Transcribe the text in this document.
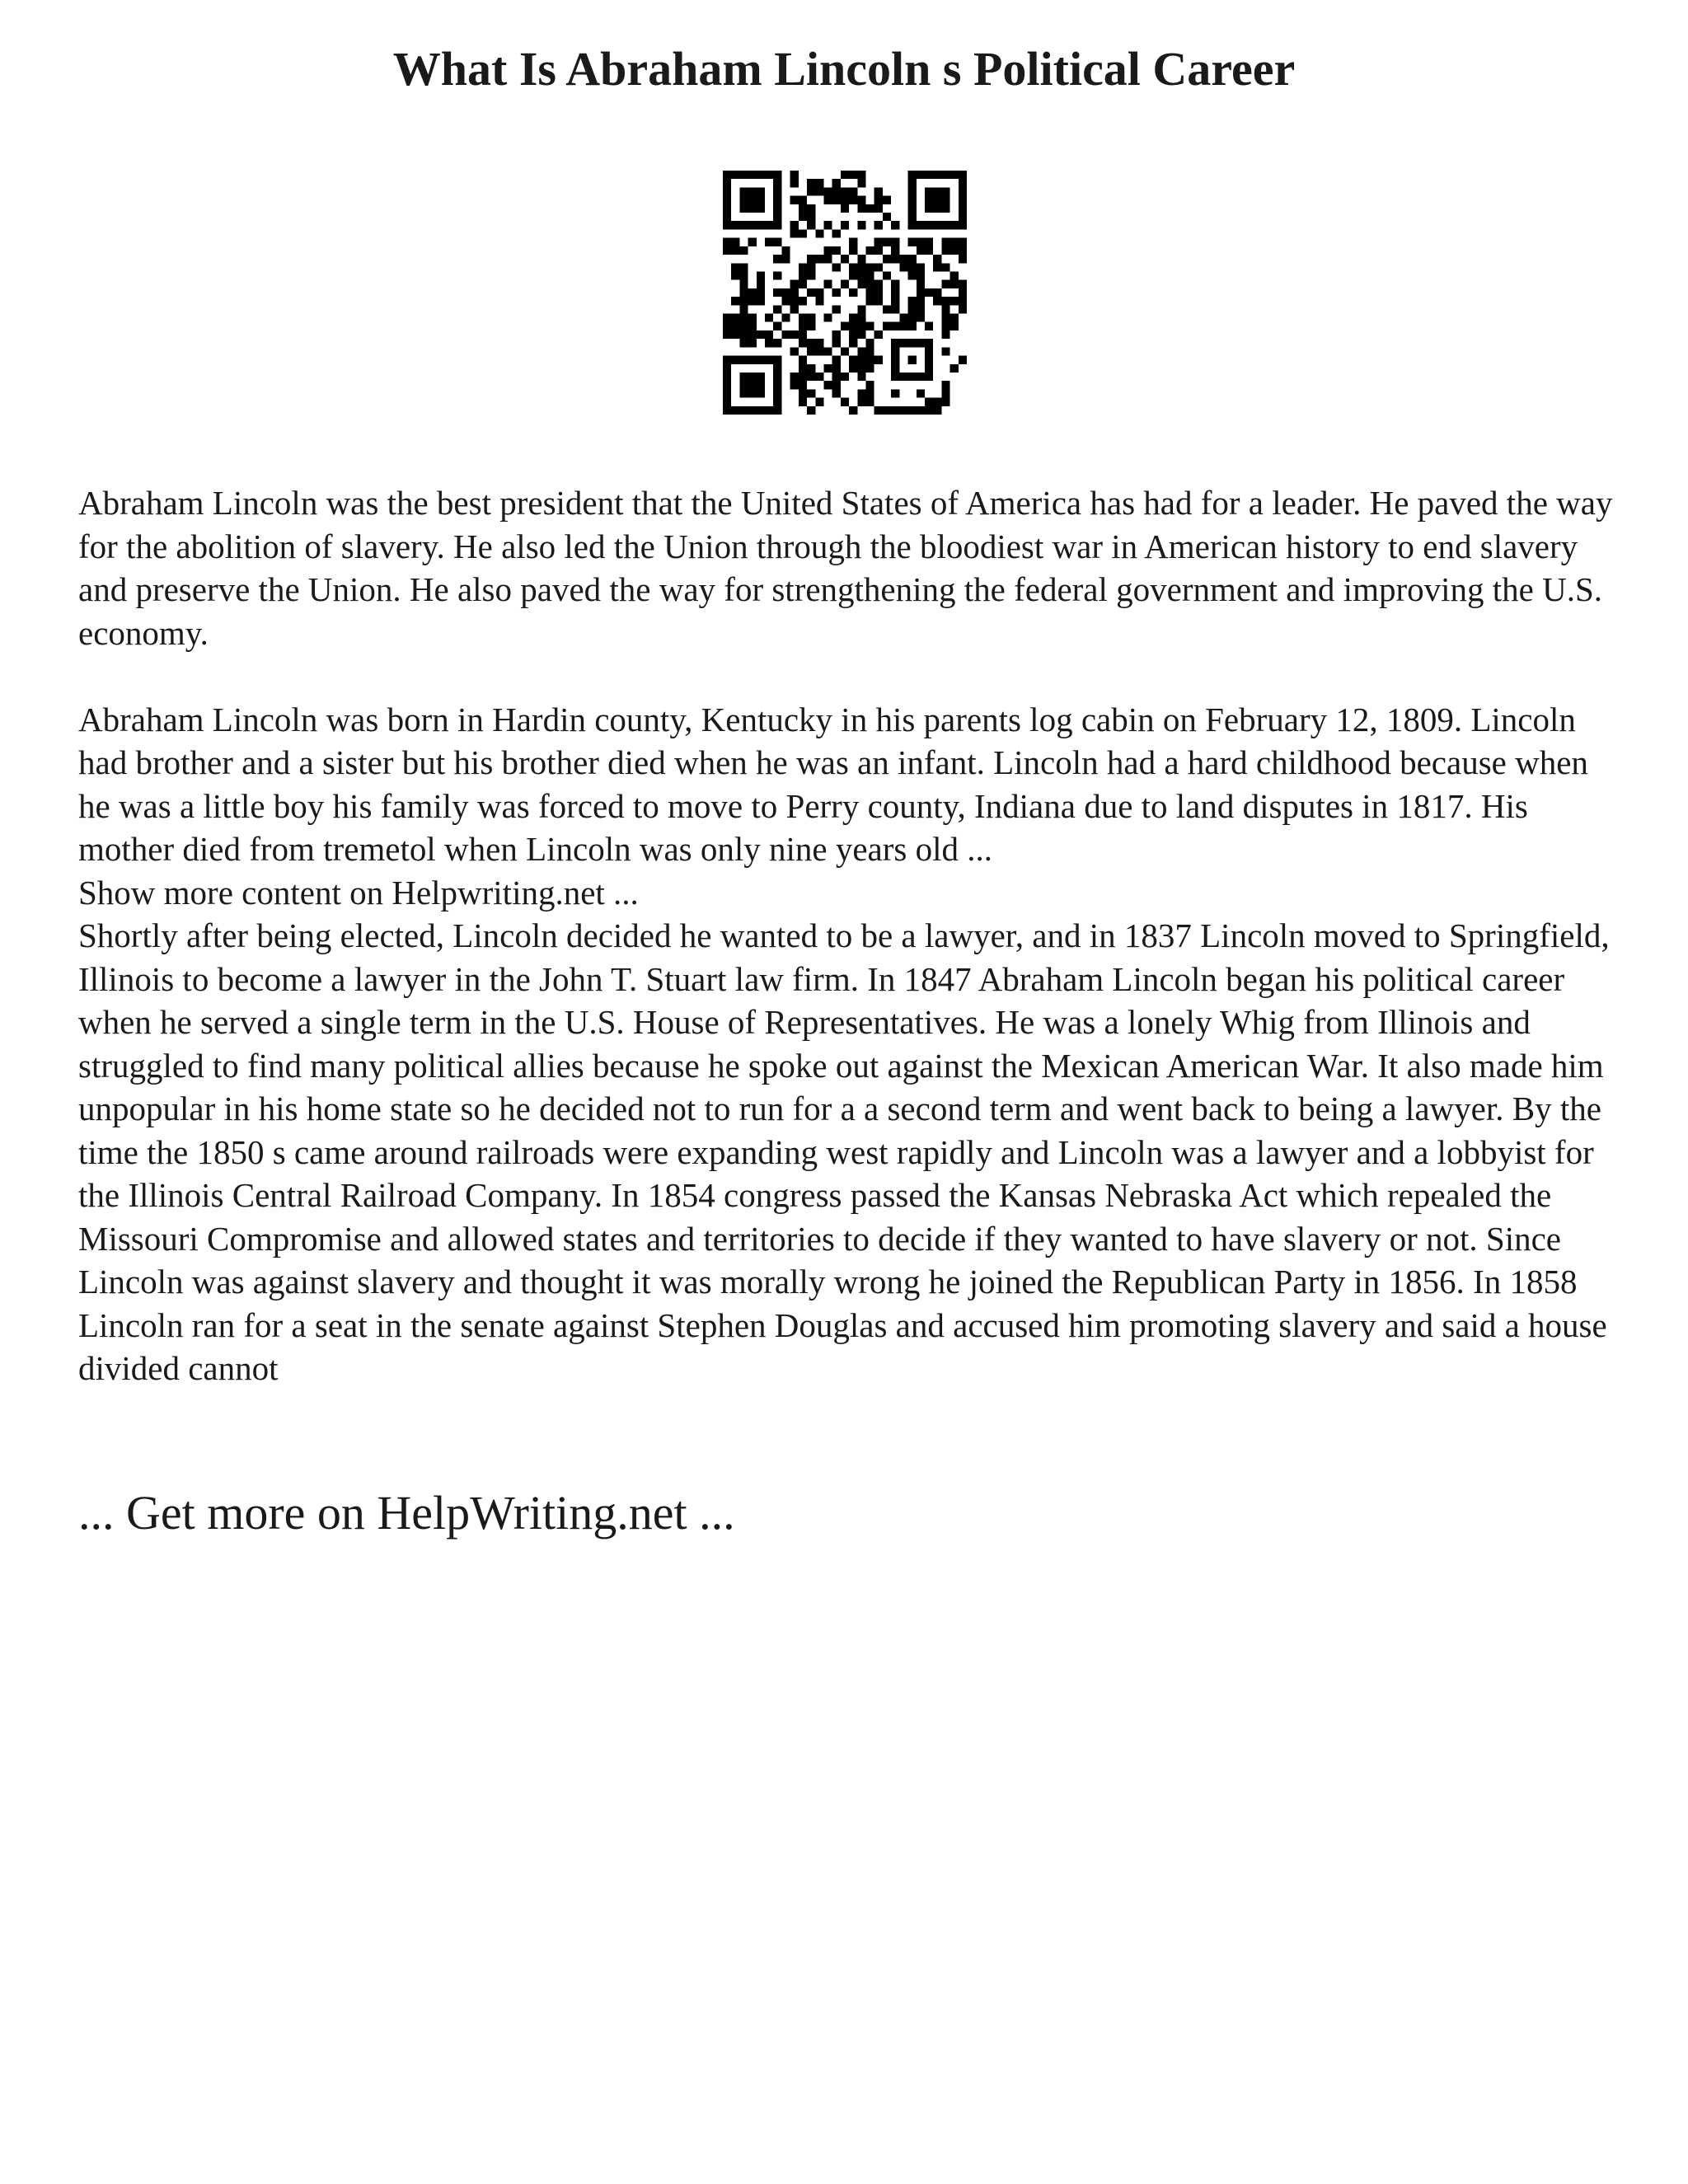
What Is Abraham Lincoln s Political Career

Abraham Lincoln was the best president that the United States of America has had for a leader. He paved the way for the abolition of slavery. He also led the Union through the bloodiest war in American history to end slavery and preserve the Union. He also paved the way for strengthening the federal government and improving the U.S. economy.

Abraham Lincoln was born in Hardin county, Kentucky in his parents log cabin on February 12, 1809. Lincoln had brother and a sister but his brother died when he was an infant. Lincoln had a hard childhood because when he was a little boy his family was forced to move to Perry county, Indiana due to land disputes in 1817. His mother died from tremetol when Lincoln was only nine years old ...

Show more content on Helpwriting.net ...

Shortly after being elected, Lincoln decided he wanted to be a lawyer, and in 1837 Lincoln moved to Springfield, Illinois to become a lawyer in the John T. Stuart law firm. In 1847 Abraham Lincoln began his political career when he served a single term in the U.S. House of Representatives. He was a lonely Whig from Illinois and struggled to find many political allies because he spoke out against the Mexican American War. It also made him unpopular in his home state so he decided not to run for a a second term and went back to being a lawyer. By the time the 1850 s came around railroads were expanding west rapidly and Lincoln was a lawyer and a lobbyist for the Illinois Central Railroad Company. In 1854 congress passed the Kansas Nebraska Act which repealed the Missouri Compromise and allowed states and territories to decide if they wanted to have slavery or not. Since Lincoln was against slavery and thought it was morally wrong he joined the Republican Party in 1856. In 1858 Lincoln ran for a seat in the senate against Stephen Douglas and accused him promoting slavery and said a house divided cannot

... Get more on HelpWriting.net ...
